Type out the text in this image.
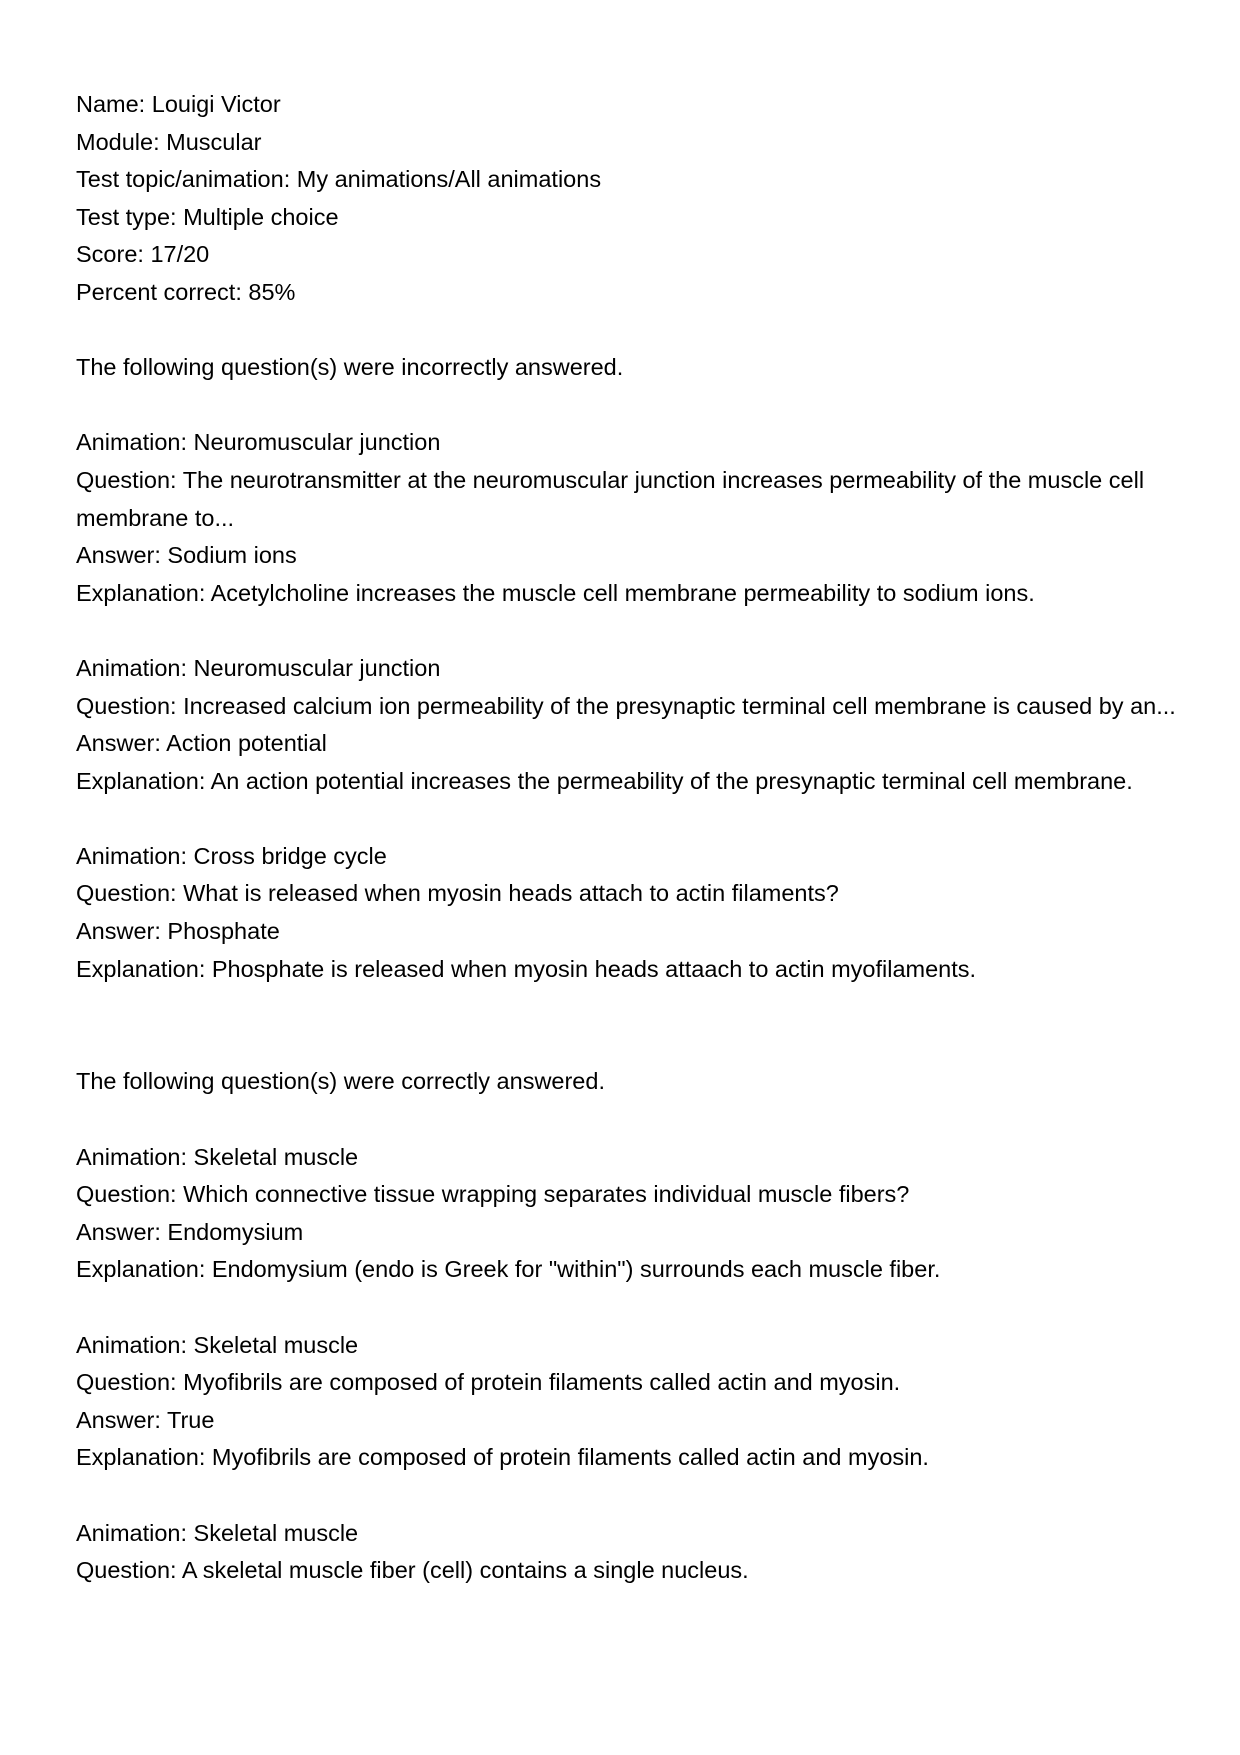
Name: Louigi Victor

Module: Muscular

Test topic/animation: My animations/All animations

Test type: Multiple choice

Score: 17/20

Percent correct: 85%

The following question(s) were incorrectly answered.

Animation: Neuromuscular junction

Question: The neurotransmitter at the neuromuscular junction increases permeability of the muscle cell membrane to...

Answer: Sodium ions

Explanation: Acetylcholine increases the muscle cell membrane permeability to sodium ions.

Animation: Neuromuscular junction

Question: Increased calcium ion permeability of the presynaptic terminal cell membrane is caused by an...

Answer: Action potential

Explanation: An action potential increases the permeability of the presynaptic terminal cell membrane.

Animation: Cross bridge cycle

Question: What is released when myosin heads attach to actin filaments?

Answer: Phosphate

Explanation: Phosphate is released when myosin heads attaach to actin myofilaments.

The following question(s) were correctly answered.

Animation: Skeletal muscle

Question: Which connective tissue wrapping separates individual muscle fibers?

Answer: Endomysium

Explanation: Endomysium (endo is Greek for "within") surrounds each muscle fiber.

Animation: Skeletal muscle

Question: Myofibrils are composed of protein filaments called actin and myosin.

Answer: True

Explanation: Myofibrils are composed of protein filaments called actin and myosin.

Animation: Skeletal muscle

Question: A skeletal muscle fiber (cell) contains a single nucleus.
